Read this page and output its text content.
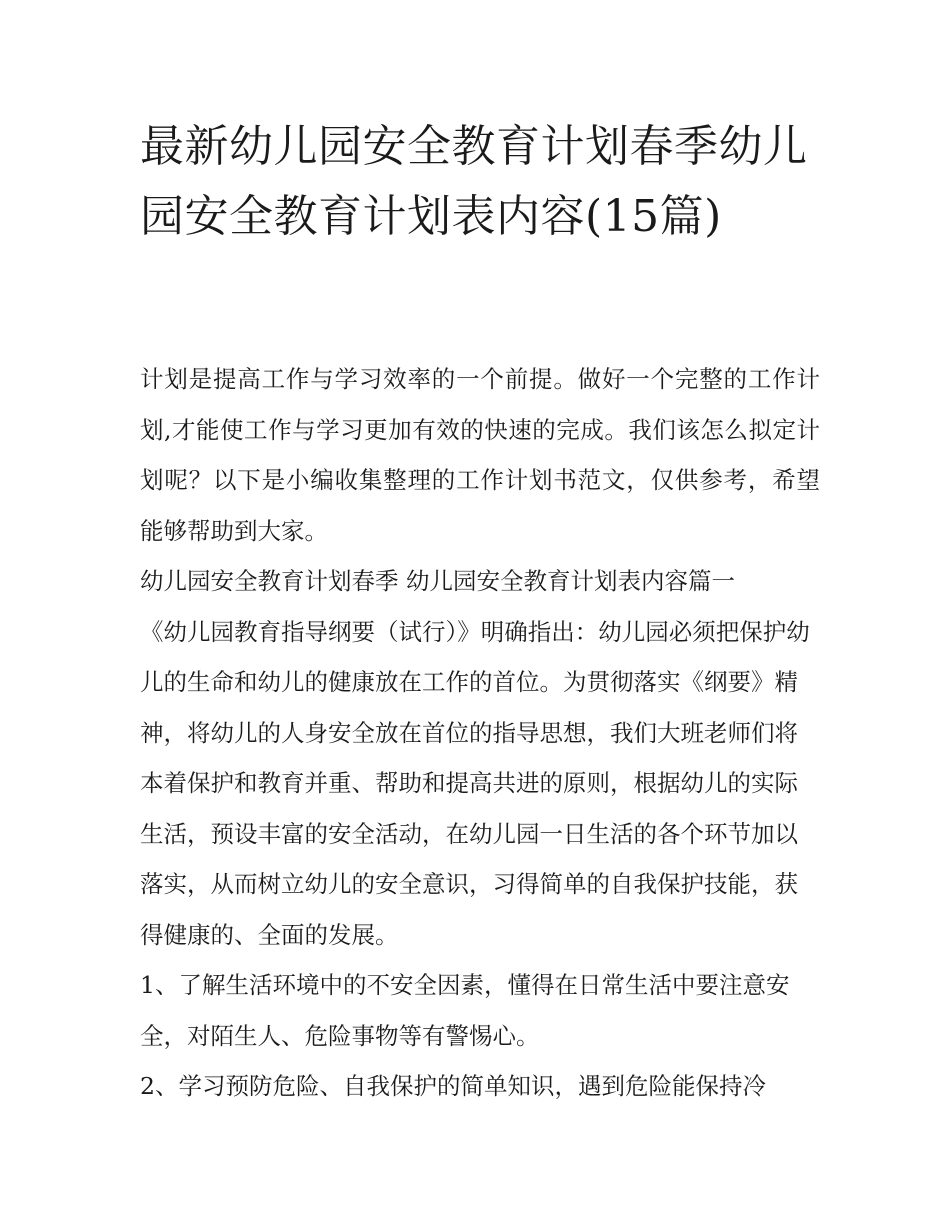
最新幼儿园安全教育计划春季幼儿园安全教育计划表内容(15篇)

计划是提高工作与学习效率的一个前提。做好一个完整的工作计划,才能使工作与学习更加有效的快速的完成。我们该怎么拟定计划呢？以下是小编收集整理的工作计划书范文，仅供参考，希望能够帮助到大家。

幼儿园安全教育计划春季 幼儿园安全教育计划表内容篇一

《幼儿园教育指导纲要（试行）》明确指出：幼儿园必须把保护幼儿的生命和幼儿的健康放在工作的首位。为贯彻落实《纲要》精神，将幼儿的人身安全放在首位的指导思想，我们大班老师们将本着保护和教育并重、帮助和提高共进的原则，根据幼儿的实际生活，预设丰富的安全活动，在幼儿园一日生活的各个环节加以落实，从而树立幼儿的安全意识，习得简单的自我保护技能，获得健康的、全面的发展。

1、了解生活环境中的不安全因素，懂得在日常生活中要注意安全，对陌生人、危险事物等有警惕心。

2、学习预防危险、自我保护的简单知识，遇到危险能保持冷
